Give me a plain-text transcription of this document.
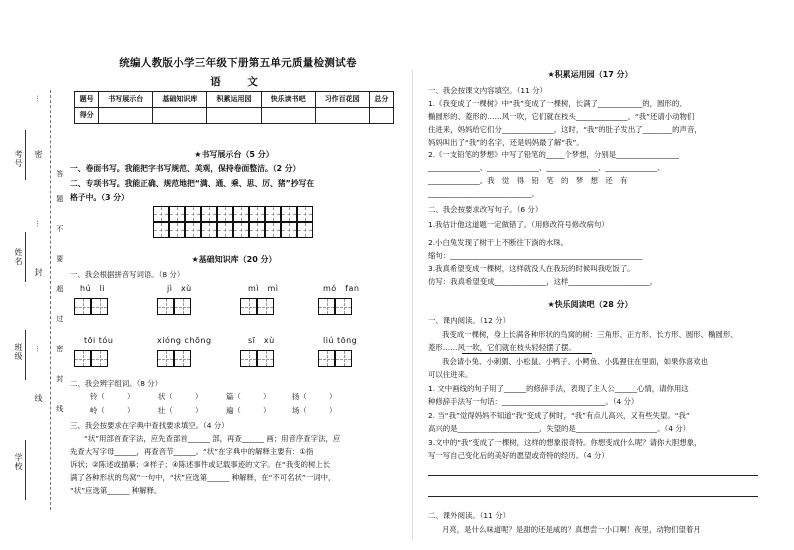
考号
姓名
班级
学校
密
封
线
…
…
…
答
题
不
要
超
过
密
封
线
统编人教版小学三年级下册第五单元质量检测试卷
语　文
题号	书写展示台	基础知识库	积累运用园	快乐读书吧	习作百花园	总分
得分						
★书写展示台（5 分）
一、卷面书写。我能把字书写规范、美观，保持卷面整洁。（2 分）
二、专项书写。我能正确、规范地把“满、通、乘、思、厉、猪”抄写在
格子中。（3 分）
★基础知识库（20 分）
一、我会根据拼音写词语。（8 分）
hú　li	jì　xù	mì　mì	mó　fan
tōi tóu	xióng chōng	sī　xù	liú tōng
二、我会辨字组词。（8 分）
铃（　　　）	状（　　　）	篇（　　　）	扬（　　　）
岭（　　　）	壮（　　　）	遍（　　　）	场（　　　）
三、我会按要求在字典中查找要求填空。（4 分）
“状”用部首查字法，应先查部首______ 部，再查______ 画；用音序查字法，应
先查大写字母______，再查音节______。“状”在字典中的解释主要有：①指
诉状；②陈述或描摹；③样子；④陈述事件或记载事迹的文字。在“我变的树上长
满了各种形状的鸟窝”一句中，“状”应选第______ 种解释，在“不可名状”一词中，
“状”应选第______ 种解释。
★积累运用园（17 分）
一、我会按课文内容填空。（11 分）
1.《我变成了一棵树》中“我”变成了一棵树，长满了____________的，圆形的、
椭圆形的、菱形的……风一吹，它们就在枝头______________。“我”还请小动物们
住进来，妈妈给它们分______________。这时，“我”的肚子发出了________的声音，
妈妈叫出了“我”的名字，还是妈妈最了解“我”。
2.《一支铅笔的梦想》中写了铅笔的_____个梦想，分别是_________________
______________、______________、______________、______________、
______________。我　觉　得　铅　笔　的　梦　想　还　有
____________________________。
二、我会按要求改写句子。（6 分）
1.我估计他这道题一定做错了。（用修改符号修改病句）
2.小白兔发现了树干上不断往下淌的水珠。
缩句：____________________________________________________
3.我真希望变成一棵树，这样就没人在我玩的时候叫我吃饭了。
仿写：我真希望变成______________，这样______________________。
★快乐阅读吧（28 分）
一、课内阅读。（12 分）
我变成一棵树，身上长满各种形状的鸟窝的树：三角形、正方形、长方形、圆形、椭圆形、
菱形……风一吹，它们就在枝头轻轻摆了摆。
我会请小兔、小刺猬、小松鼠、小鸭子、小鳄鱼、小狐狸住在里面，如果你喜欢也
可以住进来。
1. 文中画线的句子用了______的修辞手法，表现了主人公______心情，请你用这
种修辞手法写一句话：____________________________。（4 分）
2. 当“我”觉得妈妈不知道“我”变成了树时，“我”有点儿高兴，又有些失望。“我”
高兴的是______________________，失望的是______________________。（4 分）
3.文中的“我”变成了一棵树，这样的想象很奇特。你想变成什么呢？请你大胆想象，
写一写自己变化后的美好的愿望或奇特的经历。（4 分）
二、课外阅读。（11 分）
月亮，是什么味道呢？是甜的还是咸的？真想尝一小口啊！夜里，动物们望着月
